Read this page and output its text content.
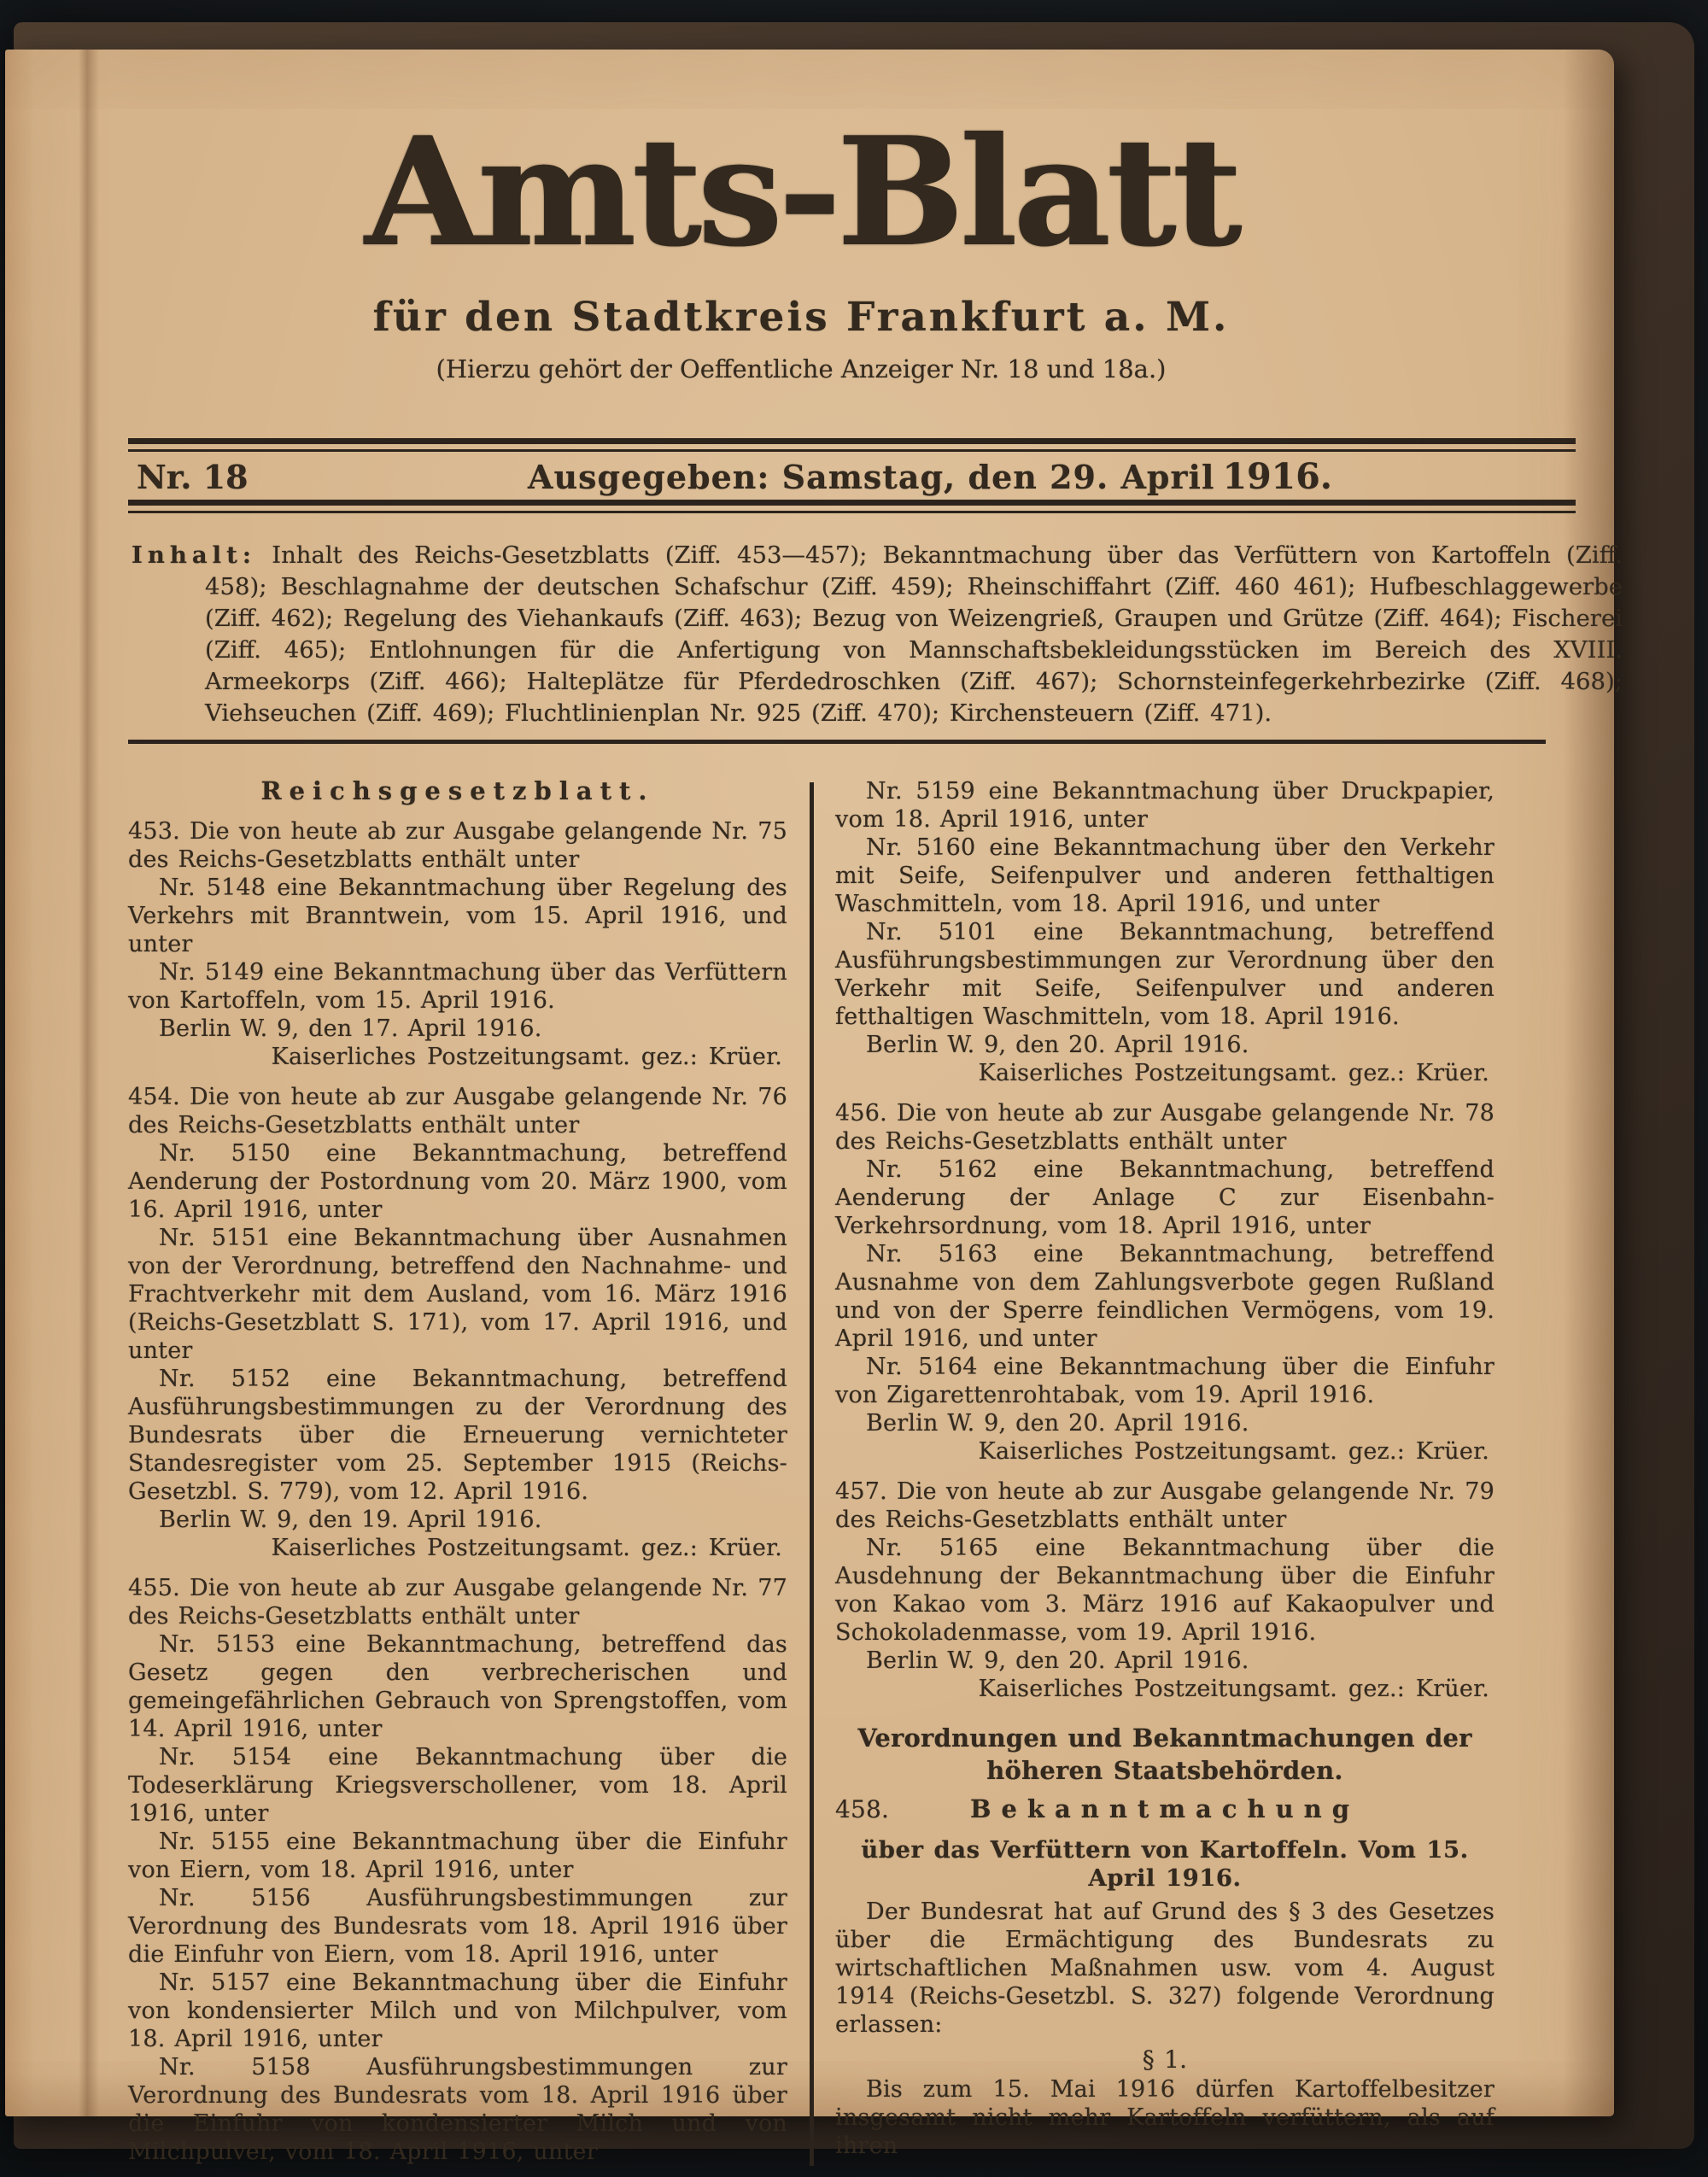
Amts-Blatt
für den Stadtkreis Frankfurt a. M.
(Hierzu gehört der Oeffentliche Anzeiger Nr. 18 und 18a.)
Nr. 18	Ausgegeben: Samstag, den 29. April 1916.

Inhalt: Inhalt des Reichs-Gesetzblatts (Ziff. 453—457); Bekanntmachung über das Verfüttern von Kartoffeln (Ziff. 458); Beschlagnahme der deutschen Schafschur (Ziff. 459); Rheinschiffahrt (Ziff. 460 461); Hufbeschlaggewerbe (Ziff. 462); Regelung des Viehankaufs (Ziff. 463); Bezug von Weizengrieß, Graupen und Grütze (Ziff. 464); Fischerei (Ziff. 465); Entlohnungen für die Anfertigung von Mannschaftsbekleidungsstücken im Bereich des XVIII. Armeekorps (Ziff. 466); Halteplätze für Pferdedroschken (Ziff. 467); Schornsteinfegerkehrbezirke (Ziff. 468); Viehseuchen (Ziff. 469); Fluchtlinienplan Nr. 925 (Ziff. 470); Kirchensteuern (Ziff. 471).

Reichsgesetzblatt.

453. Die von heute ab zur Ausgabe gelangende Nr. 75 des Reichs-Gesetzblatts enthält unter

Nr. 5148 eine Bekanntmachung über Regelung des Verkehrs mit Branntwein, vom 15. April 1916, und unter

Nr. 5149 eine Bekanntmachung über das Verfüttern von Kartoffeln, vom 15. April 1916.

Berlin W. 9, den 17. April 1916.

Kaiserliches Postzeitungsamt. gez.: Krüer.

454. Die von heute ab zur Ausgabe gelangende Nr. 76 des Reichs-Gesetzblatts enthält unter

Nr. 5150 eine Bekanntmachung, betreffend Aenderung der Postordnung vom 20. März 1900, vom 16. April 1916, unter

Nr. 5151 eine Bekanntmachung über Ausnahmen von der Verordnung, betreffend den Nachnahme- und Frachtverkehr mit dem Ausland, vom 16. März 1916 (Reichs-Gesetzblatt S. 171), vom 17. April 1916, und unter

Nr. 5152 eine Bekanntmachung, betreffend Ausführungsbestimmungen zu der Verordnung des Bundesrats über die Erneuerung vernichteter Standesregister vom 25. September 1915 (Reichs-Gesetzbl. S. 779), vom 12. April 1916.

Berlin W. 9, den 19. April 1916.

Kaiserliches Postzeitungsamt. gez.: Krüer.

455. Die von heute ab zur Ausgabe gelangende Nr. 77 des Reichs-Gesetzblatts enthält unter

Nr. 5153 eine Bekanntmachung, betreffend das Gesetz gegen den verbrecherischen und gemeingefährlichen Gebrauch von Sprengstoffen, vom 14. April 1916, unter

Nr. 5154 eine Bekanntmachung über die Todeserklärung Kriegsverschollener, vom 18. April 1916, unter

Nr. 5155 eine Bekanntmachung über die Einfuhr von Eiern, vom 18. April 1916, unter

Nr. 5156 Ausführungsbestimmungen zur Verordnung des Bundesrats vom 18. April 1916 über die Einfuhr von Eiern, vom 18. April 1916, unter

Nr. 5157 eine Bekanntmachung über die Einfuhr von kondensierter Milch und von Milchpulver, vom 18. April 1916, unter

Nr. 5158 Ausführungsbestimmungen zur Verordnung des Bundesrats vom 18. April 1916 über die Einfuhr von kondensierter Milch und von Milchpulver, vom 18. April 1916, unter

Nr. 5159 eine Bekanntmachung über Druckpapier, vom 18. April 1916, unter

Nr. 5160 eine Bekanntmachung über den Verkehr mit Seife, Seifenpulver und anderen fetthaltigen Waschmitteln, vom 18. April 1916, und unter

Nr. 5101 eine Bekanntmachung, betreffend Ausführungsbestimmungen zur Verordnung über den Verkehr mit Seife, Seifenpulver und anderen fetthaltigen Waschmitteln, vom 18. April 1916.

Berlin W. 9, den 20. April 1916.

Kaiserliches Postzeitungsamt. gez.: Krüer.

456. Die von heute ab zur Ausgabe gelangende Nr. 78 des Reichs-Gesetzblatts enthält unter

Nr. 5162 eine Bekanntmachung, betreffend Aenderung der Anlage C zur Eisenbahn-Verkehrsordnung, vom 18. April 1916, unter

Nr. 5163 eine Bekanntmachung, betreffend Ausnahme von dem Zahlungsverbote gegen Rußland und von der Sperre feindlichen Vermögens, vom 19. April 1916, und unter

Nr. 5164 eine Bekanntmachung über die Einfuhr von Zigarettenrohtabak, vom 19. April 1916.

Berlin W. 9, den 20. April 1916.

Kaiserliches Postzeitungsamt. gez.: Krüer.

457. Die von heute ab zur Ausgabe gelangende Nr. 79 des Reichs-Gesetzblatts enthält unter

Nr. 5165 eine Bekanntmachung über die Ausdehnung der Bekanntmachung über die Einfuhr von Kakao vom 3. März 1916 auf Kakaopulver und Schokoladenmasse, vom 19. April 1916.

Berlin W. 9, den 20. April 1916.

Kaiserliches Postzeitungsamt. gez.: Krüer.

Verordnungen und Bekanntmachungen der höheren Staatsbehörden.
458.	Bekanntmachung

über das Verfüttern von Kartoffeln. Vom 15. April 1916.

Der Bundesrat hat auf Grund des § 3 des Gesetzes über die Ermächtigung des Bundesrats zu wirtschaftlichen Maßnahmen usw. vom 4. August 1914 (Reichs-Gesetzbl. S. 327) folgende Verordnung erlassen:

§ 1.

Bis zum 15. Mai 1916 dürfen Kartoffelbesitzer insgesamt nicht mehr Kartoffeln verfüttern, als auf ihren
